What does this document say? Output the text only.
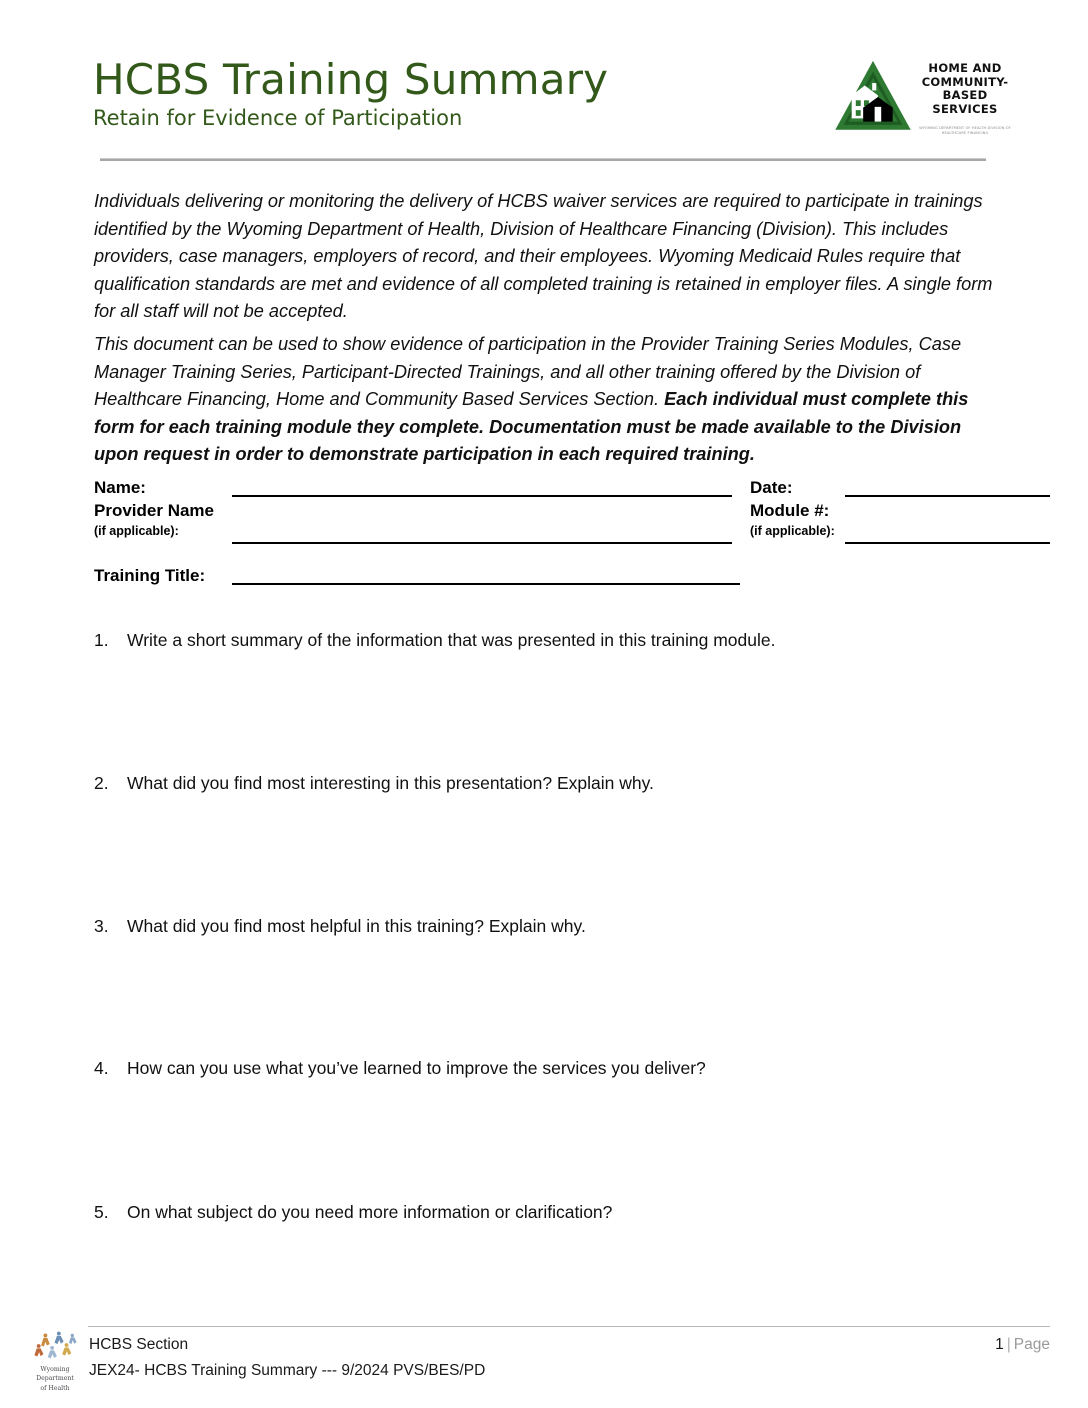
HCBS Training Summary
Retain for Evidence of Participation
HOME AND
COMMUNITY-
BASED
SERVICES
WYOMING DEPARTMENT OF HEALTH DIVISION OF HEALTHCARE FINANCING
Individuals delivering or monitoring the delivery of HCBS waiver services are required to participate in trainings identified by the Wyoming Department of Health, Division of Healthcare Financing (Division). This includes providers, case managers, employers of record, and their employees. Wyoming Medicaid Rules require that qualification standards are met and evidence of all completed training is retained in employer files. A single form for all staff will not be accepted.
This document can be used to show evidence of participation in the Provider Training Series Modules, Case Manager Training Series, Participant-Directed Trainings, and all other training offered by the Division of Healthcare Financing, Home and Community Based Services Section. Each individual must complete this form for each training module they complete. Documentation must be made available to the Division upon request in order to demonstrate participation in each required training.
Name:
Provider Name
(if applicable):
Date:
Module #:
(if applicable):
Training Title:
1. Write a short summary of the information that was presented in this training module.
2. What did you find most interesting in this presentation? Explain why.
3. What did you find most helpful in this training? Explain why.
4. How can you use what you’ve learned to improve the services you deliver?
5. On what subject do you need more information or clarification?
Wyoming
Department
of Health
HCBS Section
JEX24- HCBS Training Summary --- 9/2024 PVS/BES/PD
1 | Page
